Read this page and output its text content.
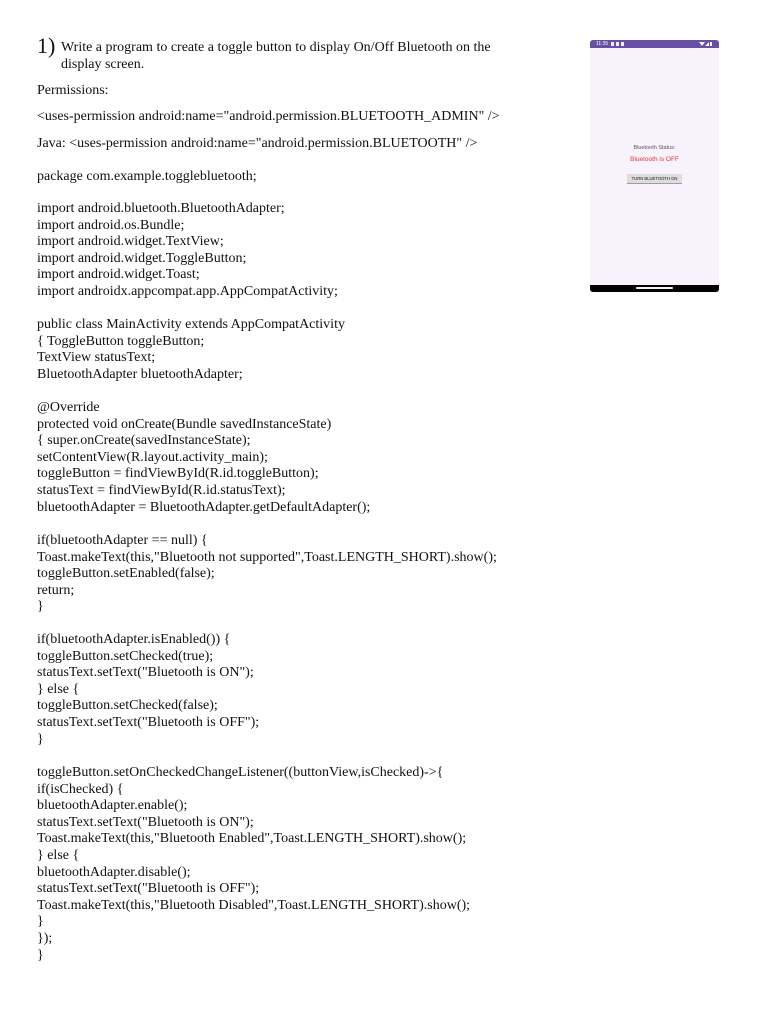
1) Write a program to create a toggle button to display On/Off Bluetooth on the display screen.
Permissions:
<uses-permission android:name="android.permission.BLUETOOTH_ADMIN" />
Java: <uses-permission android:name="android.permission.BLUETOOTH" />
package com.example.togglebluetooth;
import android.bluetooth.BluetoothAdapter;
import android.os.Bundle;
import android.widget.TextView;
import android.widget.ToggleButton;
import android.widget.Toast;
import androidx.appcompat.app.AppCompatActivity;
public class MainActivity extends AppCompatActivity
{ ToggleButton toggleButton;
TextView statusText;
BluetoothAdapter bluetoothAdapter;
@Override
protected void onCreate(Bundle savedInstanceState)
{ super.onCreate(savedInstanceState);
setContentView(R.layout.activity_main);
toggleButton = findViewById(R.id.toggleButton);
statusText = findViewById(R.id.statusText);
bluetoothAdapter = BluetoothAdapter.getDefaultAdapter();
if(bluetoothAdapter == null) {
Toast.makeText(this,"Bluetooth not supported",Toast.LENGTH_SHORT).show();
toggleButton.setEnabled(false);
return;
}
if(bluetoothAdapter.isEnabled()) {
toggleButton.setChecked(true);
statusText.setText("Bluetooth is ON");
} else {
toggleButton.setChecked(false);
statusText.setText("Bluetooth is OFF");
}
toggleButton.setOnCheckedChangeListener((buttonView,isChecked)->{
if(isChecked) {
bluetoothAdapter.enable();
statusText.setText("Bluetooth is ON");
Toast.makeText(this,"Bluetooth Enabled",Toast.LENGTH_SHORT).show();
} else {
bluetoothAdapter.disable();
statusText.setText("Bluetooth is OFF");
Toast.makeText(this,"Bluetooth Disabled",Toast.LENGTH_SHORT).show();
}
});
}
11:35
Bluetooth Status:
Bluetooth is OFF
TURN BLUETOOTH ON
